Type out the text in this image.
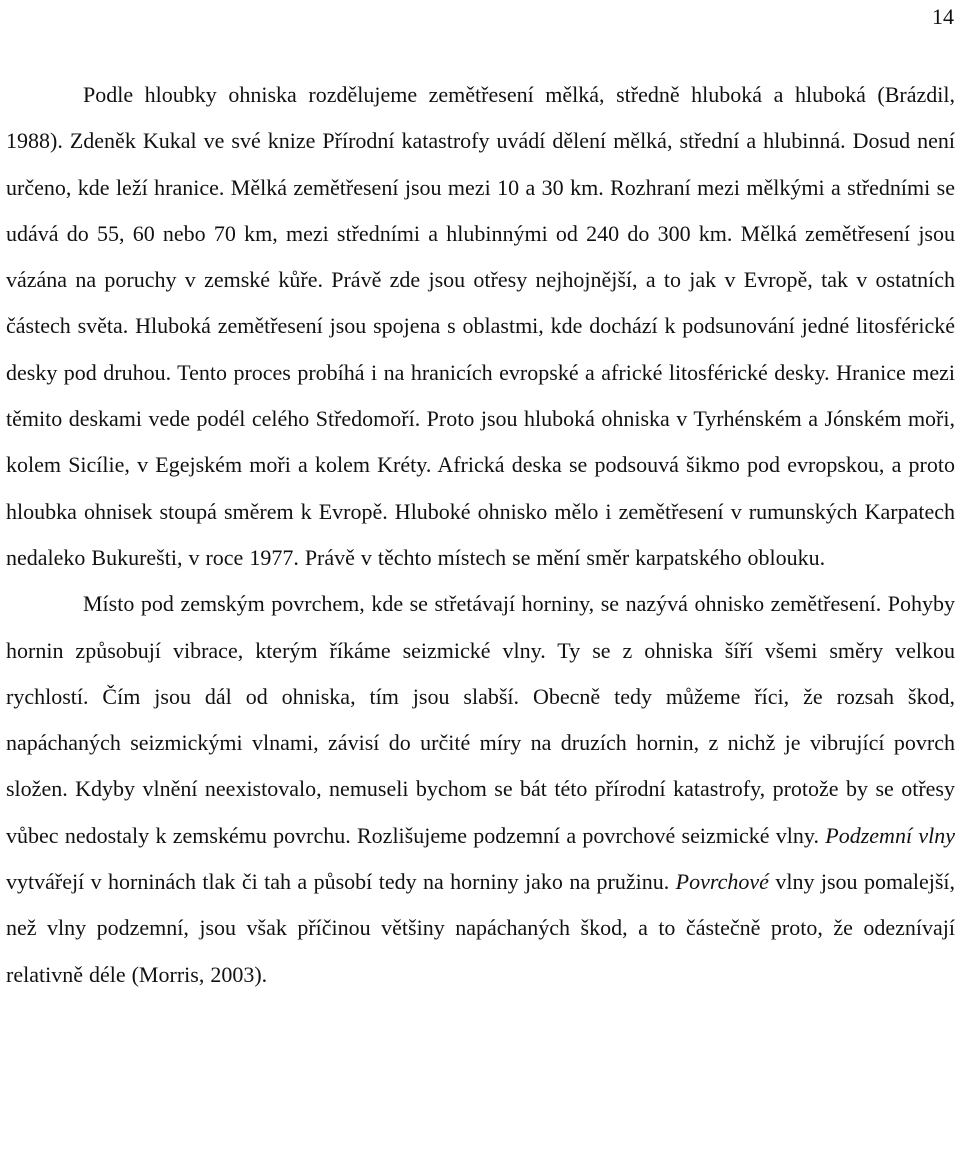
14

Podle hloubky ohniska rozdělujeme zemětřesení mělká, středně hluboká a hluboká (Brázdil, 1988). Zdeněk Kukal ve své knize Přírodní katastrofy uvádí dělení mělká, střední a hlubinná. Dosud není určeno, kde leží hranice. Mělká zemětřesení jsou mezi 10 a 30 km. Rozhraní mezi mělkými a středními se udává do 55, 60 nebo 70 km, mezi středními a hlubinnými od 240 do 300 km. Mělká zemětřesení jsou vázána na poruchy v zemské kůře. Právě zde jsou otřesy nejhojnější, a to jak v Evropě, tak v ostatních částech světa. Hluboká zemětřesení jsou spojena s oblastmi, kde dochází k podsunování jedné litosférické desky pod druhou. Tento proces probíhá i na hranicích evropské a africké litosférické desky. Hranice mezi těmito deskami vede podél celého Středomoří. Proto jsou hluboká ohniska v Tyrhénském a Jónském moři, kolem Sicílie, v Egejském moři a kolem Kréty. Africká deska se podsouvá šikmo pod evropskou, a proto hloubka ohnisek stoupá směrem k Evropě. Hluboké ohnisko mělo i zemětřesení v rumunských Karpatech nedaleko Bukurešti, v roce 1977. Právě v těchto místech se mění směr karpatského oblouku.

Místo pod zemským povrchem, kde se střetávají horniny, se nazývá ohnisko zemětřesení. Pohyby hornin způsobují vibrace, kterým říkáme seizmické vlny. Ty se z ohniska šíří všemi směry velkou rychlostí. Čím jsou dál od ohniska, tím jsou slabší. Obecně tedy můžeme říci, že rozsah škod, napáchaných seizmickými vlnami, závisí do určité míry na druzích hornin, z nichž je vibrující povrch složen. Kdyby vlnění neexistovalo, nemuseli bychom se bát této přírodní katastrofy, protože by se otřesy vůbec nedostaly k zemskému povrchu. Rozlišujeme podzemní a povrchové seizmické vlny. Podzemní vlny vytvářejí v horninách tlak či tah a působí tedy na horniny jako na pružinu. Povrchové vlny jsou pomalejší, než vlny podzemní, jsou však příčinou většiny napáchaných škod, a to částečně proto, že odeznívají relativně déle (Morris, 2003).
